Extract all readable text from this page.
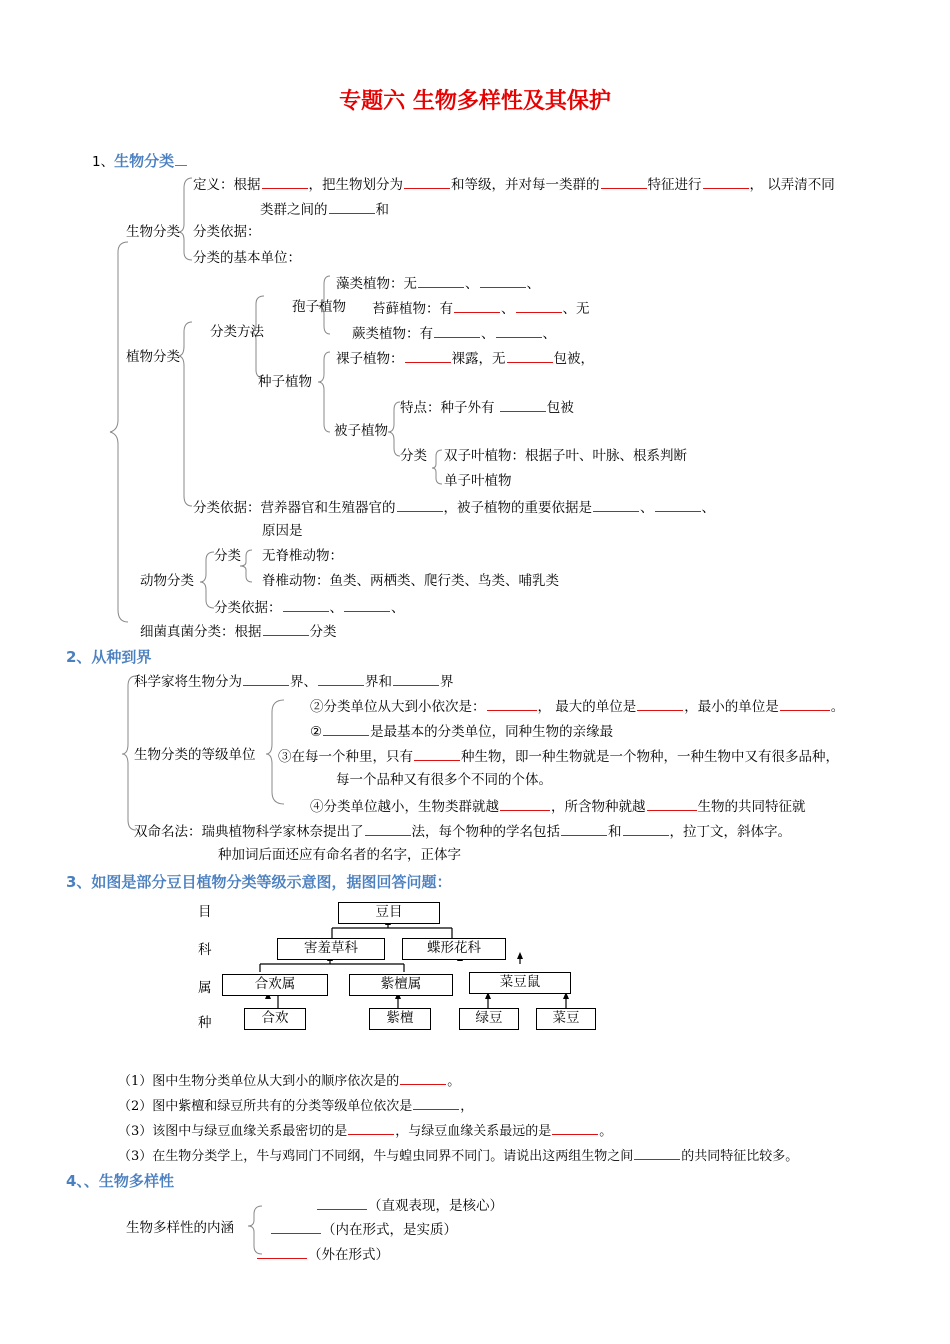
专题六 生物多样性及其保护
1、生物分类
定义：根据	，把生物划分为	和等级，并对每一类群的	特征进行	， 以弄清不同
类群之间的	和
生物分类 分类依据：
分类的基本单位：
藻类植物：无	、	、
孢子植物 苔藓植物：有	、	、无
分类方法	蕨类植物：有	、	、
植物分类	裸子植物：	裸露，无	包被，
种子植物
特点：种子外有	包被
被子植物
分类 双子叶植物：根据子叶、叶脉、根系判断
单子叶植物
分类依据：营养器官和生殖器官的	，被子植物的重要依据是	、	、
原因是
分类 无脊椎动物：
动物分类	脊椎动物：鱼类、两栖类、爬行类、鸟类、哺乳类
分类依据：	、	、
细菌真菌分类：根据	分类
2、从种到界
科学家将生物分为	界、	界和	界
②分类单位从大到小依次是：	， 最大的单位是	，最小的单位是	。
②	是最基本的分类单位，同种生物的亲缘最
生物分类的等级单位 ③在每一个种里，只有	种生物，即一种生物就是一个物种，一种生物中又有很多品种，
每一个品种又有很多个不同的个体。
④分类单位越小，生物类群就越	，所含物种就越	生物的共同特征就
双命名法：瑞典植物科学家林奈提出了	法，每个物种的学名包括	和	，拉丁文，斜体字。
种加词后面还应有命名者的名字，正体字
3、如图是部分豆目植物分类等级示意图，据图回答问题：
目
科
属
种
豆目
害羞草科	蝶形花科
合欢属	紫檀属	菜豆鼠
合欢	紫檀	绿豆	菜豆
（1）图中生物分类单位从大到小的顺序依次是的	。
（2）图中紫檀和绿豆所共有的分类等级单位依次是	，
（3）该图中与绿豆血缘关系最密切的是	，与绿豆血缘关系最远的是	。
（3）在生物分类学上，牛与鸡同门不同纲，牛与蝗虫同界不同门。请说出这两组生物之间	的共同特征比较多。
4、、生物多样性
（直观表现，是核心）
生物多样性的内涵	（内在形式，是实质）
（外在形式）
